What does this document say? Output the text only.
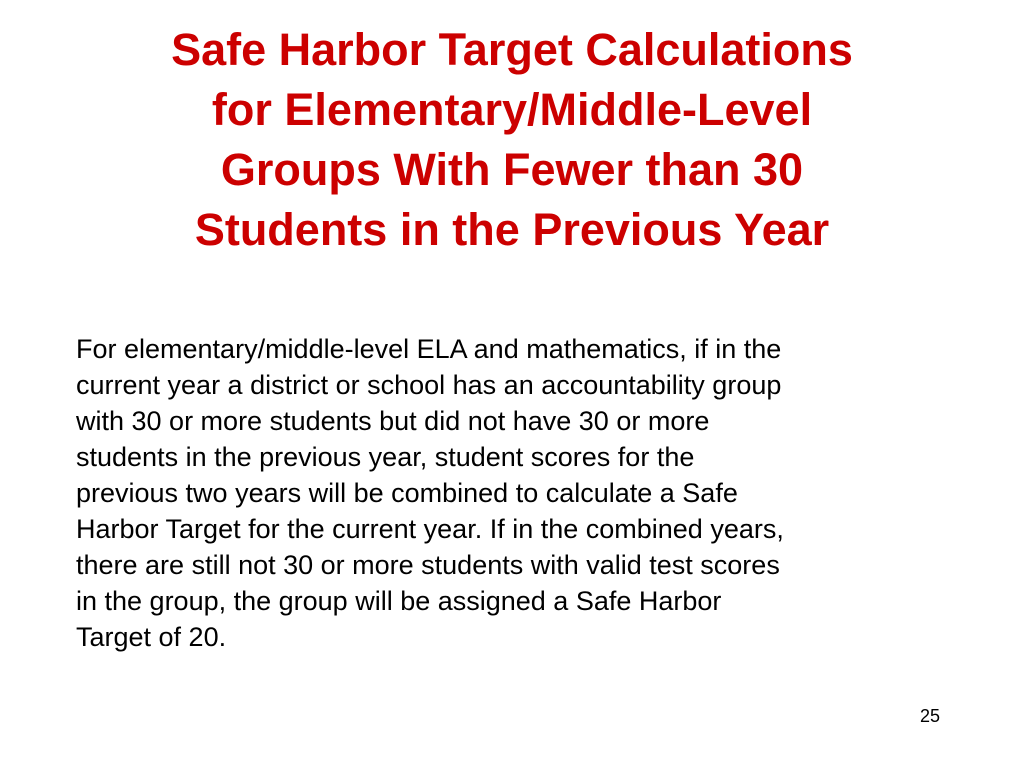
Safe Harbor Target Calculations
for Elementary/Middle-Level
Groups With Fewer than 30
Students in the Previous Year

For elementary/middle-level ELA and mathematics, if in the
current year a district or school has an accountability group
with 30 or more students but did not have 30 or more
students in the previous year, student scores for the
previous two years will be combined to calculate a Safe
Harbor Target for the current year. If in the combined years,
there are still not 30 or more students with valid test scores
in the group, the group will be assigned a Safe Harbor
Target of 20.

25
